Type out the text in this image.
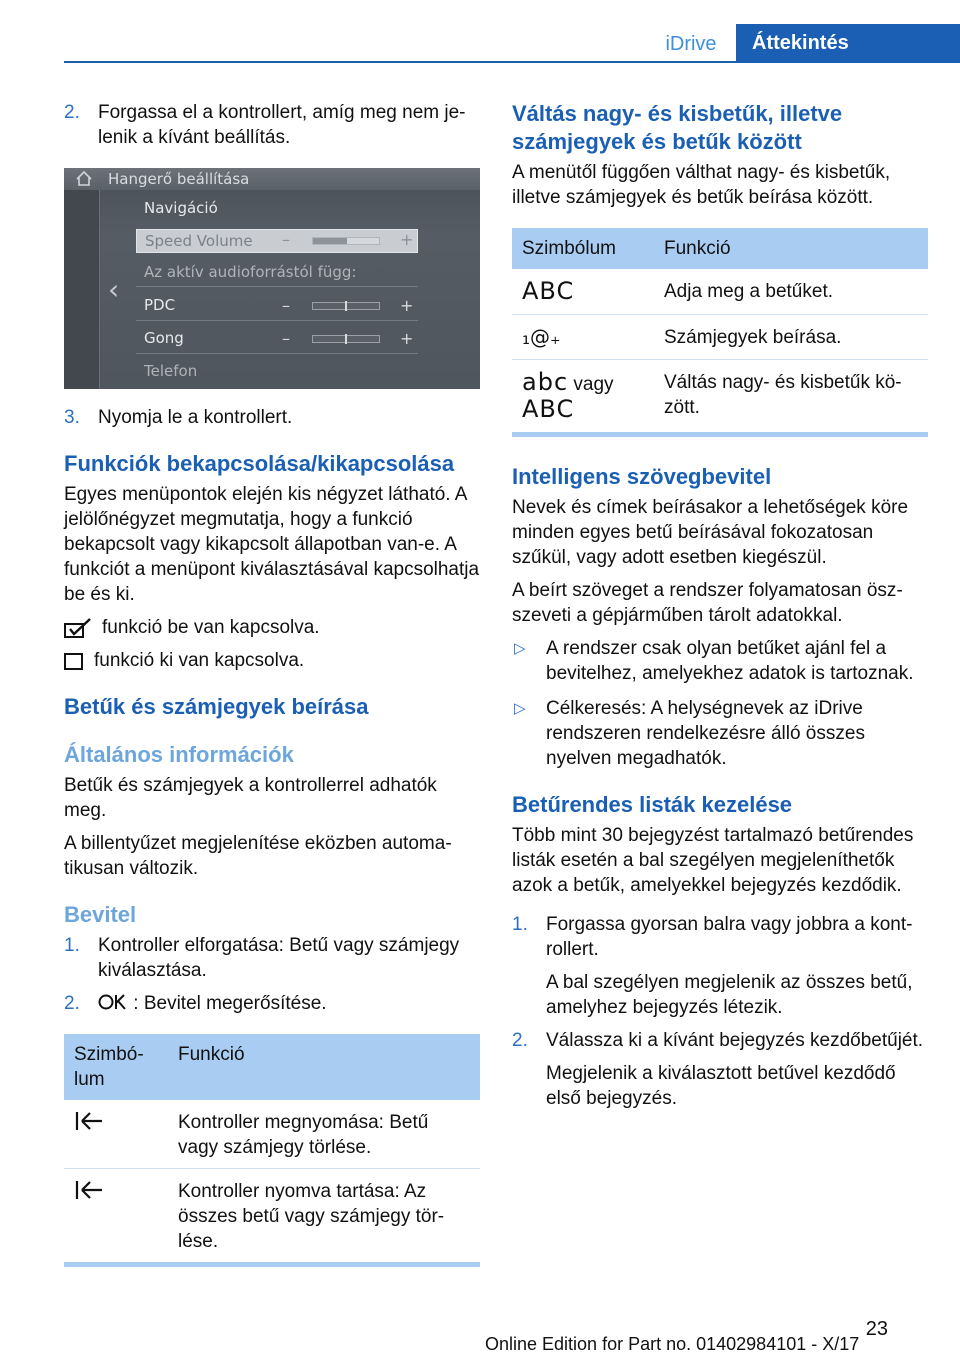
iDrive	Áttekintés
2. Forgassa el a kontrollert, amíg meg nem jelenik a kívánt beállítás.
Hangerő beállítása
‹
Navigáció
Speed Volume –	+
Az aktív audioforrástól függ:
PDC	–	+
Gong	–	+
Telefon
3. Nyomja le a kontrollert.
Funkciók bekapcsolása/kikapcsolása

Egyes menüpontok elején kis négyzet látható. A jelölőnégyzet megmutatja, hogy a funkció bekapcsolt vagy kikapcsolt állapotban van-e. A funkciót a menüpont kiválasztásával kapcsolhatja be és ki.

funkció be van kapcsolva.
funkció ki van kapcsolva.
Betűk és számjegyek beírása
Általános információk

Betűk és számjegyek a kontrollerrel adhatók meg.

A billentyűzet megjelenítése eközben automatikusan változik.

Bevitel
1. Kontroller elforgatása: Betű vagy számjegy kiválasztása.
2.	: Bevitel megerősítése.
Szimbólum	Funkció
	Kontroller megnyomása: Betű vagy számjegy törlése.
	Kontroller nyomva tartása: Az összes betű vagy számjegy törlése.
Váltás nagy- és kisbetűk, illetve számjegyek és betűk között

A menütől függően válthat nagy- és kisbetűk, illetve számjegyek és betűk beírása között.

Szimbólum	Funkció
ABC	Adja meg a betűket.
₁@₊	Számjegyek beírása.
abc vagy
ABC	Váltás nagy- és kisbetűk között.
Intelligens szövegbevitel

Nevek és címek beírásakor a lehetőségek köre minden egyes betű beírásával fokozatosan szűkül, vagy adott esetben kiegészül.

A beírt szöveget a rendszer folyamatosan öszszeveti a gépjárműben tárolt adatokkal.

▷ A rendszer csak olyan betűket ajánl fel a bevitelhez, amelyekhez adatok is tartoznak.
▷ Célkeresés: A helységnevek az iDrive rendszeren rendelkezésre álló összes nyelven megadhatók.
Betűrendes listák kezelése

Több mint 30 bejegyzést tartalmazó betűrendes listák esetén a bal szegélyen megjeleníthetők azok a betűk, amelyekkel bejegyzés kezdődik.

1. Forgassa gyorsan balra vagy jobbra a kontrollert.
A bal szegélyen megjelenik az összes betű, amelyhez bejegyzés létezik.
2. Válassza ki a kívánt bejegyzés kezdőbetűjét.
Megjelenik a kiválasztott betűvel kezdődő első bejegyzés.
23
Online Edition for Part no. 01402984101 - X/17
